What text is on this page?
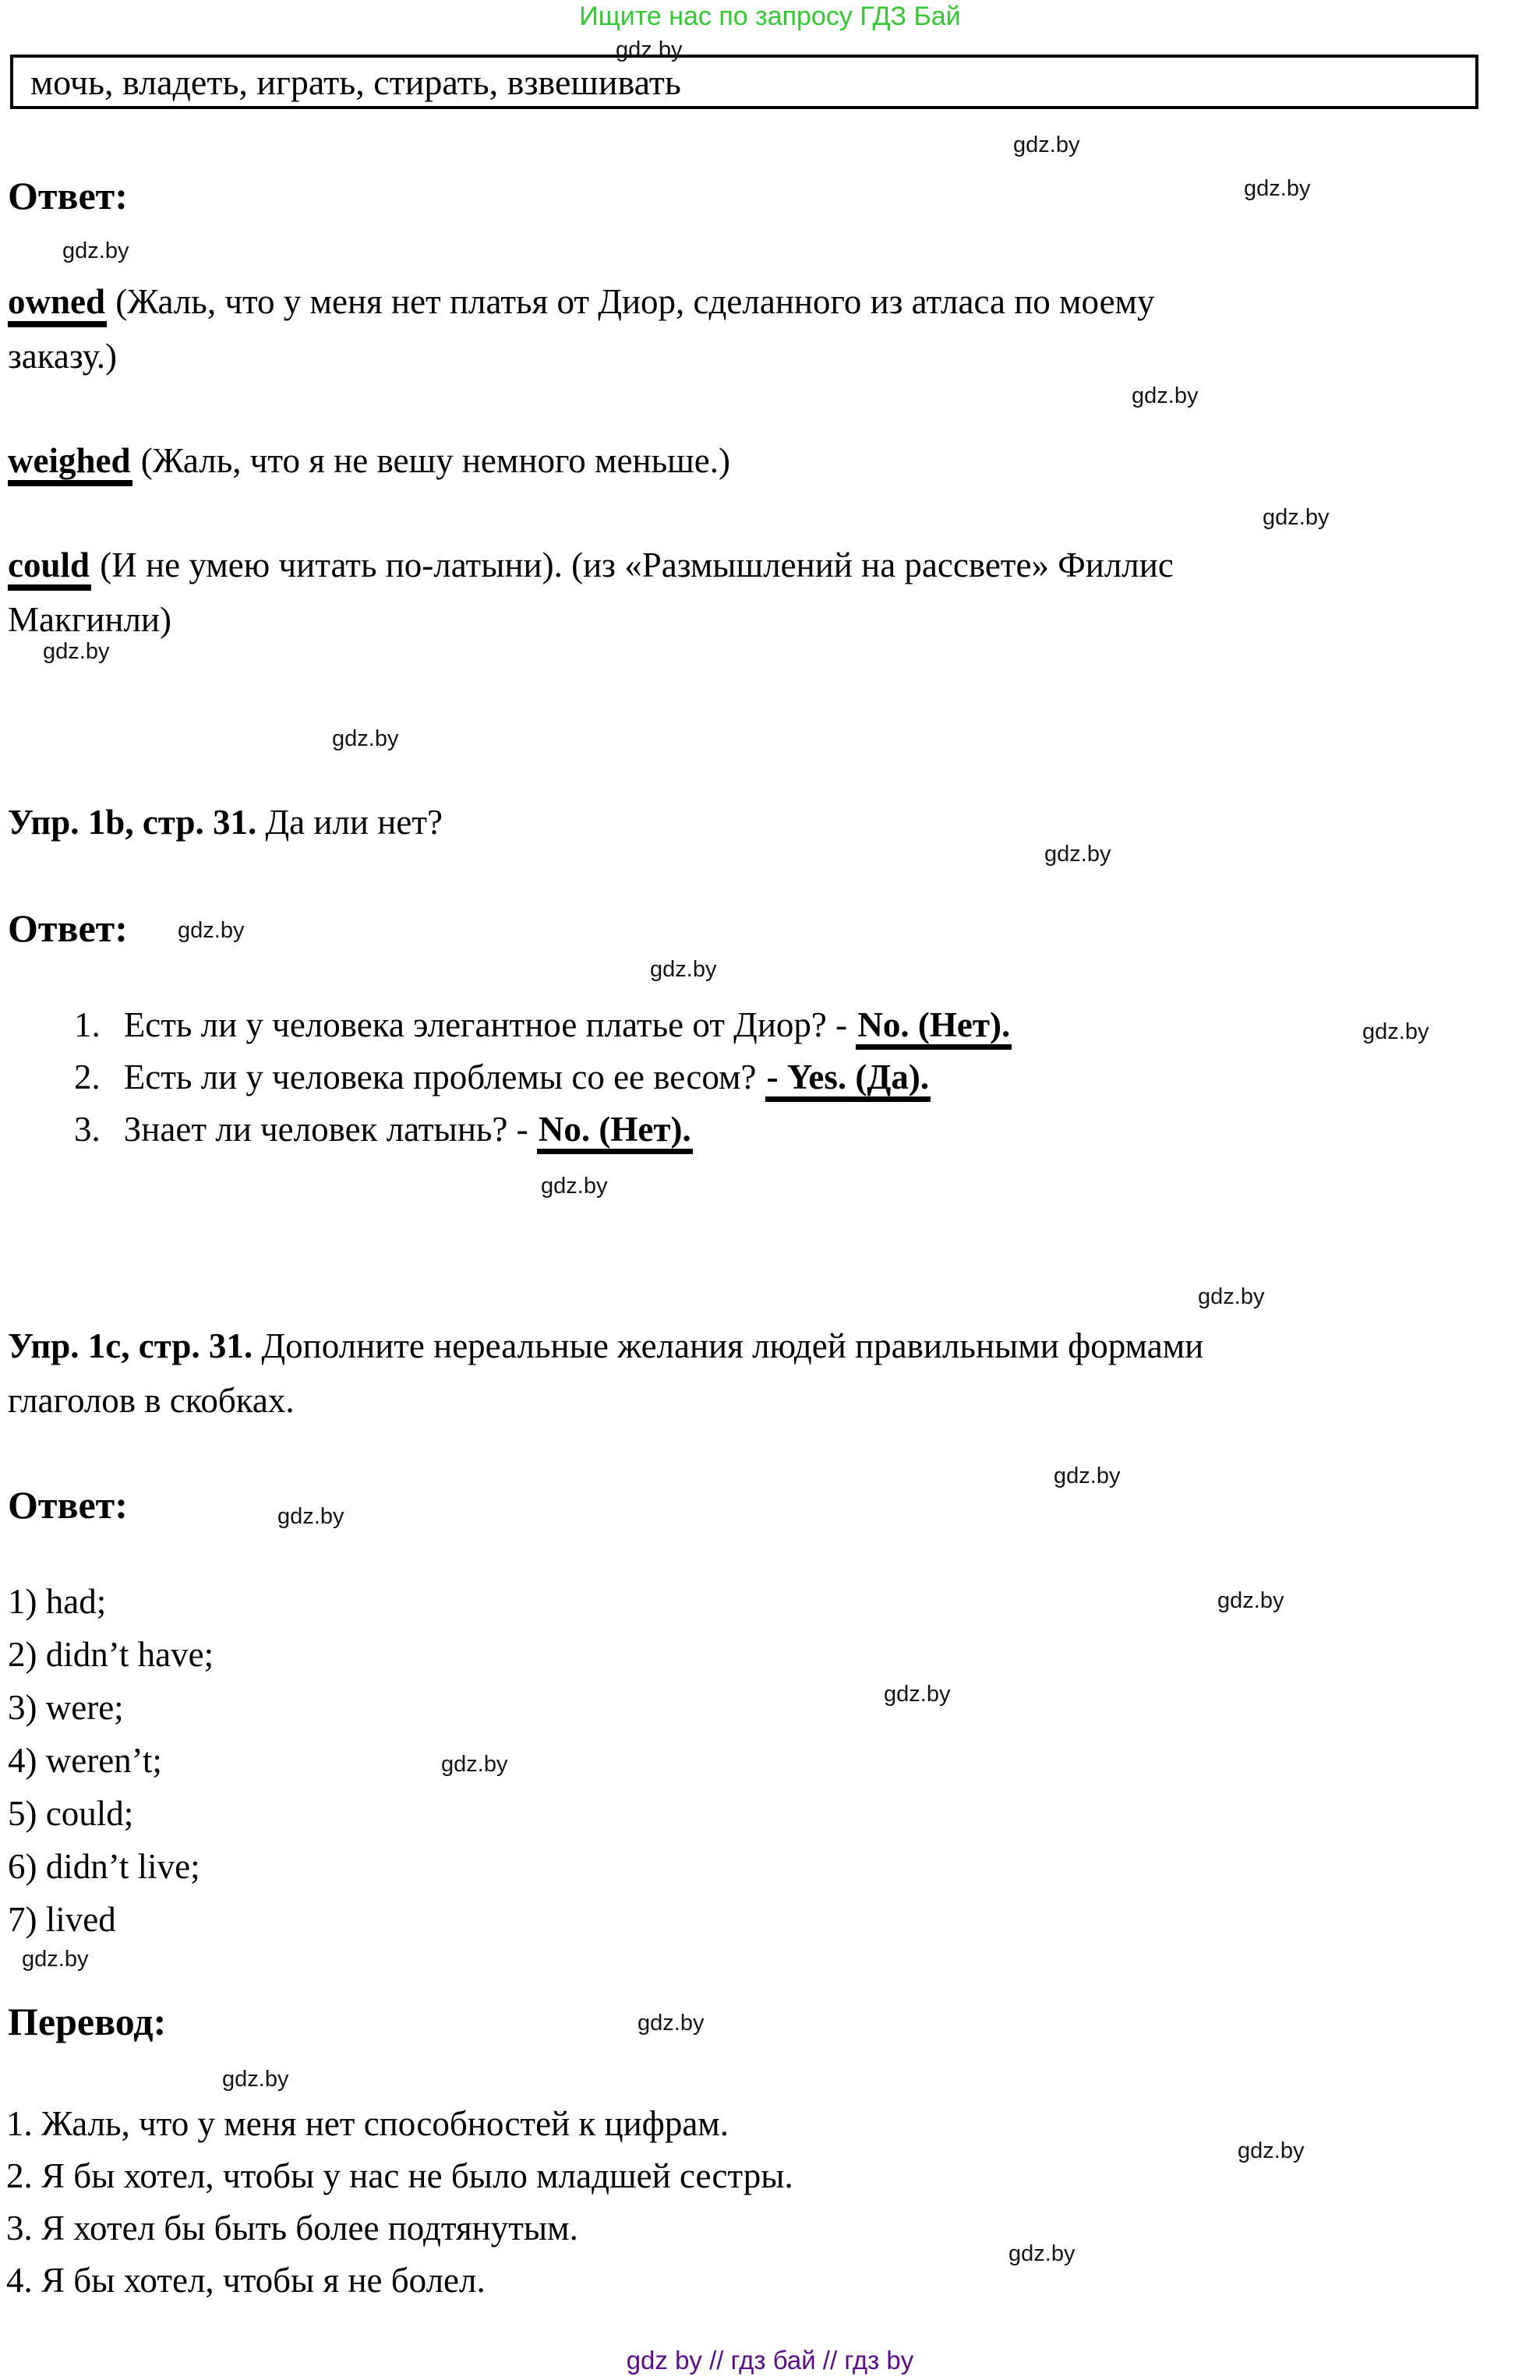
Ищите нас по запросу ГДЗ Бай
gdz.by
gdz.by
gdz.by
gdz.by
gdz.by
gdz.by
gdz.by
gdz.by
gdz.by
gdz.by
gdz.by
gdz.by
gdz.by
gdz.by
gdz.by
gdz.by
gdz.by
gdz.by
gdz.by
gdz.by
gdz.by
gdz.by
gdz.by
gdz.by
мочь, владеть, играть, стирать, взвешивать
Ответ:
owned (Жаль, что у меня нет платья от Диор, сделанного из атласа по моему заказу.)
weighed (Жаль, что я не вешу немного меньше.)
could (И не умею читать по-латыни). (из «Размышлений на рассвете» Филлис Макгинли)
Упр. 1b, стр. 31. Да или нет?
Ответ:
1. Есть ли у человека элегантное платье от Диор? - No. (Нет).
2. Есть ли у человека проблемы со ее весом? - Yes. (Да).
3. Знает ли человек латынь? - No. (Нет).
Упр. 1c, стр. 31. Дополните нереальные желания людей правильными формами глаголов в скобках.
Ответ:
1) had;
2) didn’t have;
3) were;
4) weren’t;
5) could;
6) didn’t live;
7) lived
Перевод:
1. Жаль, что у меня нет способностей к цифрам.
2. Я бы хотел, чтобы у нас не было младшей сестры.
3. Я хотел бы быть более подтянутым.
4. Я бы хотел, чтобы я не болел.
gdz by // гдз бай // гдз by
